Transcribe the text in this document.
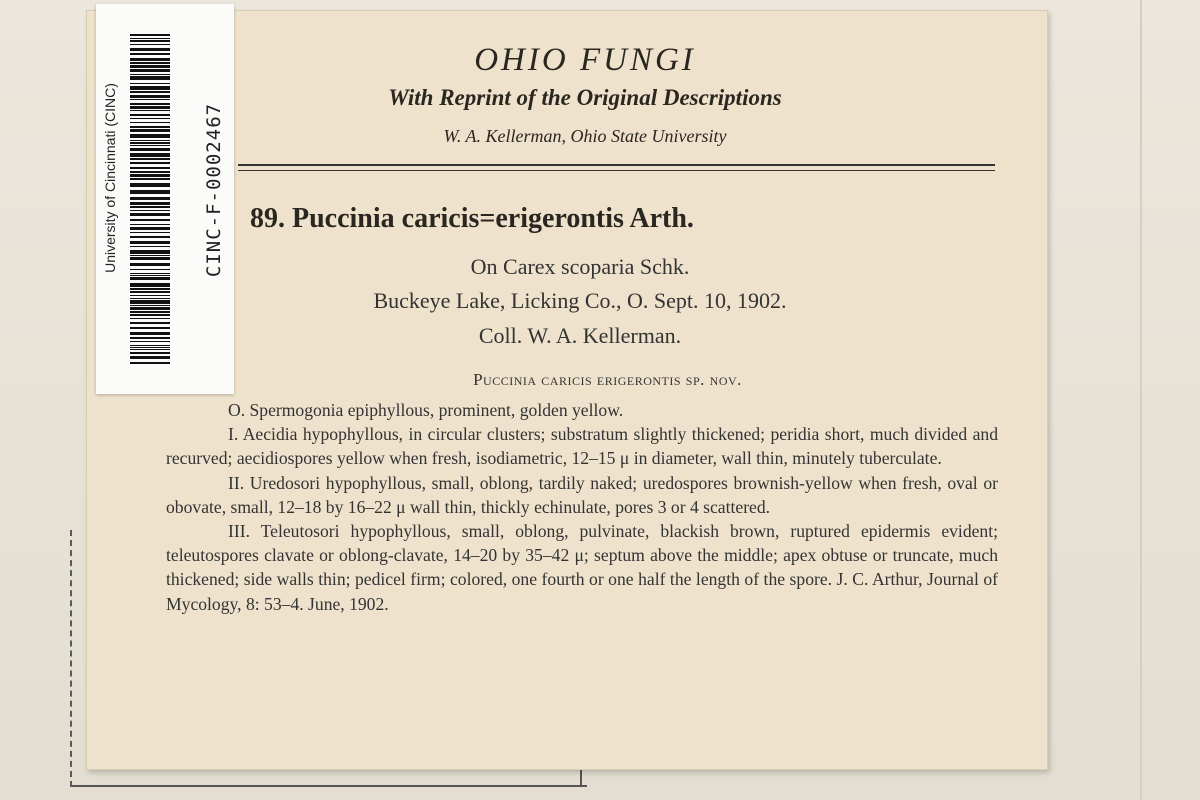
University of Cincinnati (CINC)	CINC-F-0002467
OHIO FUNGI
With Reprint of the Original Descriptions
W. A. Kellerman, Ohio State University
89. Puccinia caricis=erigerontis Arth.
On Carex scoparia Schk.
Buckeye Lake, Licking Co., O. Sept. 10, 1902.
Coll. W. A. Kellerman.
Puccinia caricis erigerontis sp. nov.

O. Spermogonia epiphyllous, prominent, golden yellow.

I. Aecidia hypophyllous, in circular clusters; substratum slightly thickened; peridia short, much divided and recurved; aecidiospores yellow when fresh, isodiametric, 12–15 μ in diameter, wall thin, minutely tuberculate.

II. Uredosori hypophyllous, small, oblong, tardily naked; uredospores brownish-yellow when fresh, oval or obovate, small, 12–18 by 16–22 μ wall thin, thickly echinulate, pores 3 or 4 scattered.

III. Teleutosori hypophyllous, small, oblong, pulvinate, blackish brown, ruptured epidermis evident; teleutospores clavate or oblong-clavate, 14–20 by 35–42 μ; septum above the middle; apex obtuse or truncate, much thickened; side walls thin; pedicel firm; colored, one fourth or one half the length of the spore. J. C. Arthur, Journal of Mycology, 8: 53–4. June, 1902.
